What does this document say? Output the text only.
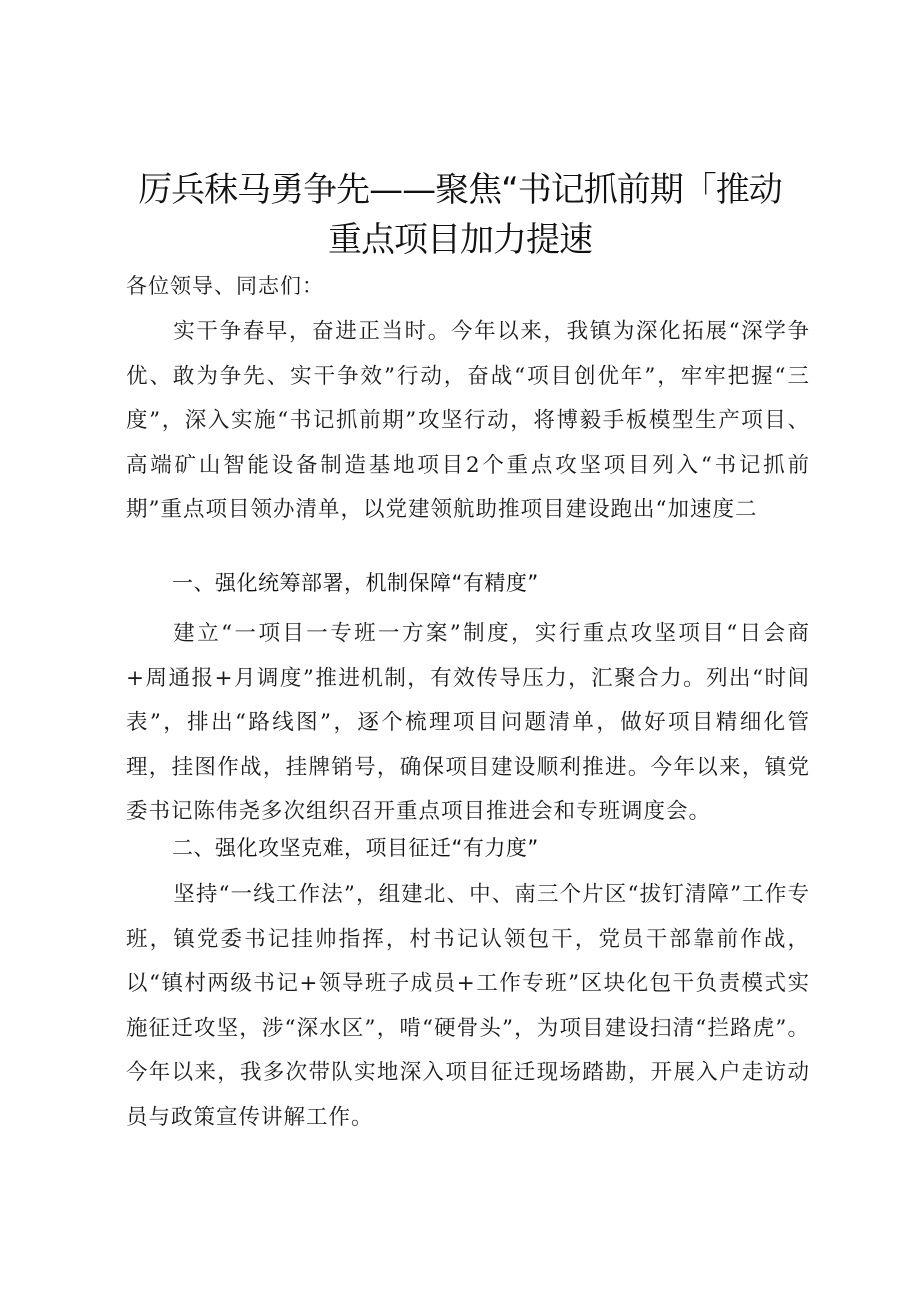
厉兵秣马勇争先——聚焦“书记抓前期「推动
重点项目加力提速
各位领导、同志们：

实干争春早，奋进正当时。今年以来，我镇为深化拓展“深学争优、敢为争先、实干争效”行动，奋战“项目创优年”，牢牢把握“三度”，深入实施“书记抓前期”攻坚行动，将博毅手板模型生产项目、高端矿山智能设备制造基地项目2个重点攻坚项目列入“书记抓前期”重点项目领办清单，以党建领航助推项目建设跑出“加速度二

一、强化统筹部署，机制保障“有精度”

建立“一项目一专班一方案”制度，实行重点攻坚项目“日会商+周通报+月调度”推进机制，有效传导压力，汇聚合力。列出“时间表”，排出“路线图”，逐个梳理项目问题清单，做好项目精细化管理，挂图作战，挂牌销号，确保项目建设顺利推进。今年以来，镇党委书记陈伟尧多次组织召开重点项目推进会和专班调度会。

二、强化攻坚克难，项目征迁“有力度”

坚持“一线工作法”，组建北、中、南三个片区“拔钉清障”工作专班，镇党委书记挂帅指挥，村书记认领包干，党员干部靠前作战，以“镇村两级书记+领导班子成员+工作专班”区块化包干负责模式实施征迁攻坚，涉“深水区”，啃“硬骨头”，为项目建设扫清“拦路虎”。今年以来，我多次带队实地深入项目征迁现场踏勘，开展入户走访动员与政策宣传讲解工作。
